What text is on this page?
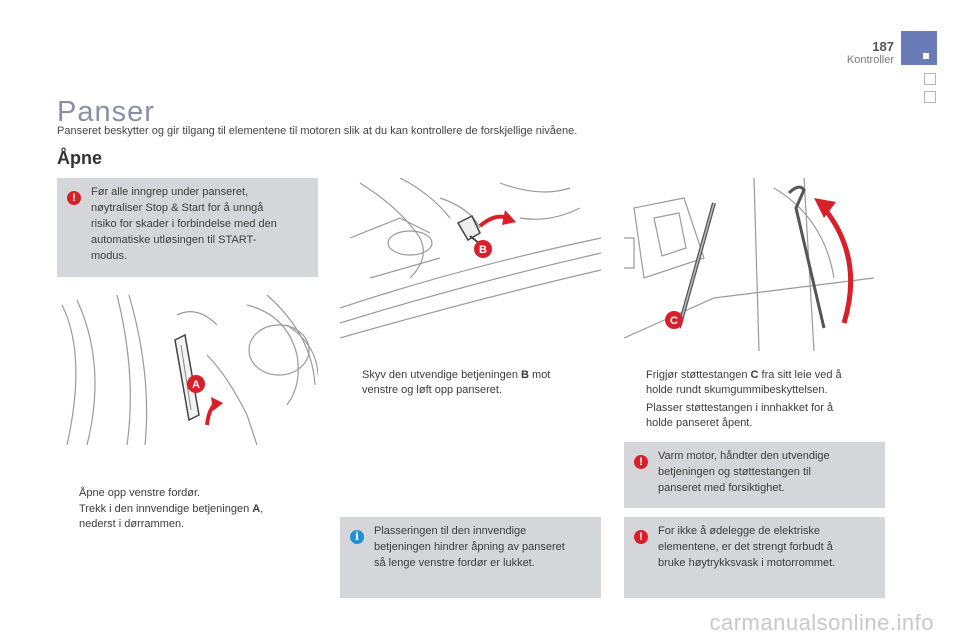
187
Kontroller
Panser
Panseret beskytter og gir tilgang til elementene til motoren slik at du kan kontrollere de forskjellige nivåene.
Åpne
!	Før alle inngrep under panseret,
nøytraliser Stop & Start for å unngå
risiko for skader i forbindelse med den
automatiske utløsingen til START-
modus.
A
B
C
Åpne opp venstre fordør.
Trekk i den innvendige betjeningen A,
nederst i dørrammen.
Skyv den utvendige betjeningen B mot
venstre og løft opp panseret.
i	Plasseringen til den innvendige
betjeningen hindrer åpning av panseret
så lenge venstre fordør er lukket.
Frigjør støttestangen C fra sitt leie ved å
holde rundt skumgummibeskyttelsen.
Plasser støttestangen i innhakket for å
holde panseret åpent.
!	Varm motor, håndter den utvendige
betjeningen og støttestangen til
panseret med forsiktighet.
!	For ikke å ødelegge de elektriske
elementene, er det strengt forbudt å
bruke høytrykksvask i motorrommet.
carmanualsonline.info
